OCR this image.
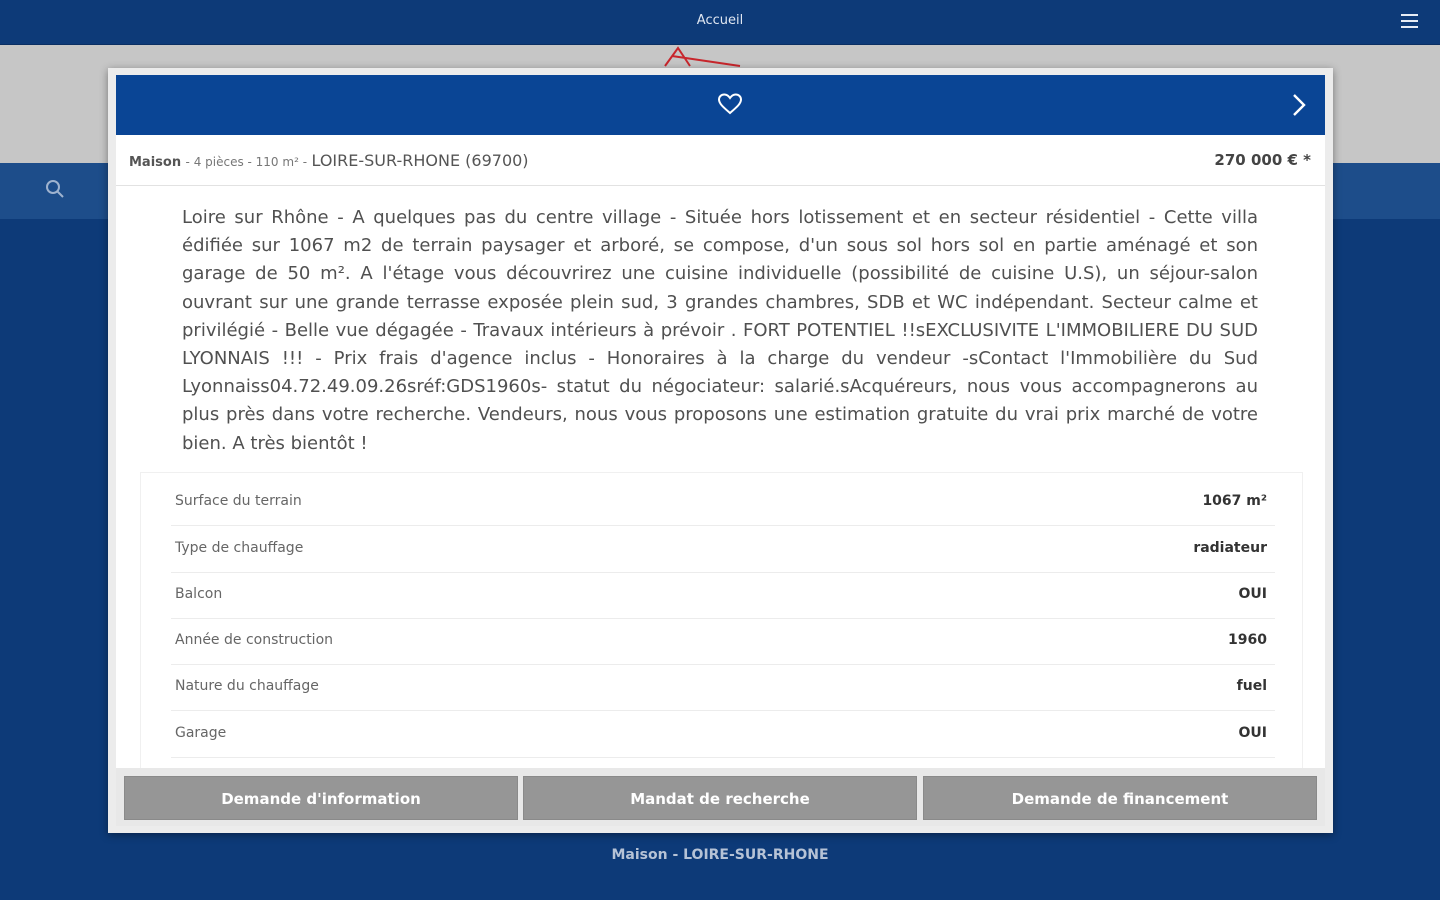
Accueil
Maison - LOIRE-SUR-RHONE
Maison - 4 pièces - 110 m² - LOIRE-SUR-RHONE (69700)	270 000 € *
Loire sur Rhône - A quelques pas du centre village - Située hors lotissement et en secteur résidentiel - Cette villa édifiée sur 1067 m2 de terrain paysager et arboré, se compose, d'un sous sol hors sol en partie aménagé et son garage de 50 m². A l'étage vous découvrirez une cuisine individuelle (possibilité de cuisine U.S), un séjour-salon ouvrant sur une grande terrasse exposée plein sud, 3 grandes chambres, SDB et WC indépendant. Secteur calme et privilégié - Belle vue dégagée - Travaux intérieurs à prévoir . FORT POTENTIEL !!sEXCLUSIVITE L'IMMOBILIERE DU SUD LYONNAIS !!! - Prix frais d'agence inclus - Honoraires à la charge du vendeur -sContact l'Immobilière du Sud Lyonnaiss04.72.49.09.26sréf:GDS1960s- statut du négociateur: salarié.sAcquéreurs, nous vous accompagnerons au plus près dans votre recherche. Vendeurs, nous vous proposons une estimation gratuite du vrai prix marché de votre bien. A très bientôt !
Surface du terrain	1067 m²
Type de chauffage	radiateur
Balcon	OUI
Année de construction	1960
Nature du chauffage	fuel
Garage	OUI
Demande d'information	Mandat de recherche	Demande de financement
